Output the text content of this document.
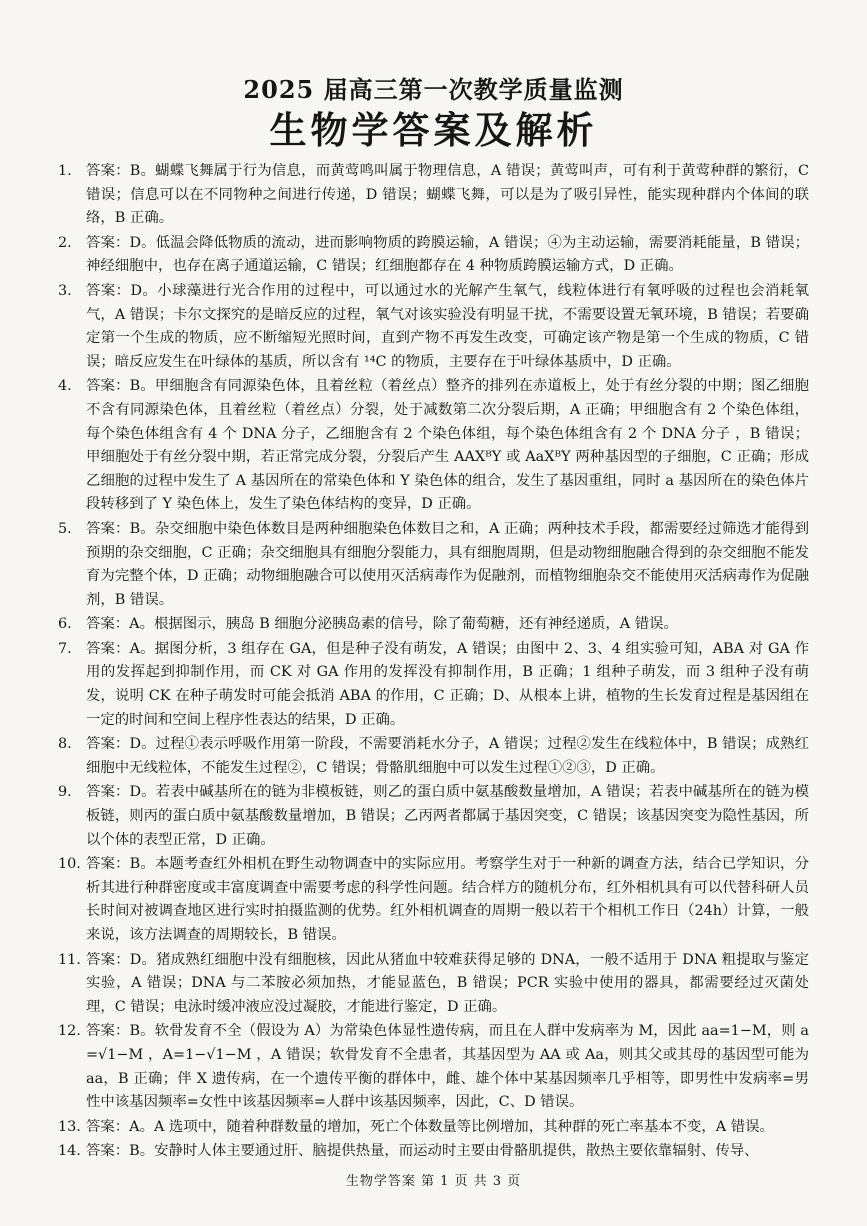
2025 届高三第一次教学质量监测
生物学答案及解析
1. 答案：B。蝴蝶飞舞属于行为信息，而黄莺鸣叫属于物理信息，A 错误；黄莺叫声，可有利于黄莺种群的繁衍，C 错误；信息可以在不同物种之间进行传递，D 错误；蝴蝶飞舞，可以是为了吸引异性，能实现种群内个体间的联络，B 正确。
2. 答案：D。低温会降低物质的流动，进而影响物质的跨膜运输，A 错误；④为主动运输，需要消耗能量，B 错误；神经细胞中，也存在离子通道运输，C 错误；红细胞都存在 4 种物质跨膜运输方式，D 正确。
3. 答案：D。小球藻进行光合作用的过程中，可以通过水的光解产生氧气，线粒体进行有氧呼吸的过程也会消耗氧气，A 错误；卡尔文探究的是暗反应的过程，氧气对该实验没有明显干扰，不需要设置无氧环境，B 错误；若要确定第一个生成的物质，应不断缩短光照时间，直到产物不再发生改变，可确定该产物是第一个生成的物质，C 错误；暗反应发生在叶绿体的基质，所以含有 ¹⁴C 的物质，主要存在于叶绿体基质中，D 正确。
4. 答案：B。甲细胞含有同源染色体，且着丝粒（着丝点）整齐的排列在赤道板上，处于有丝分裂的中期；图乙细胞不含有同源染色体，且着丝粒（着丝点）分裂，处于减数第二次分裂后期，A 正确；甲细胞含有 2 个染色体组，每个染色体组含有 4 个 DNA 分子，乙细胞含有 2 个染色体组，每个染色体组含有 2 个 DNA 分子 ，B 错误；甲细胞处于有丝分裂中期，若正常完成分裂，分裂后产生 AAXᴮY 或 AaXᴮY 两种基因型的子细胞，C 正确；形成乙细胞的过程中发生了 A 基因所在的常染色体和 Y 染色体的组合，发生了基因重组，同时 a 基因所在的染色体片段转移到了 Y 染色体上，发生了染色体结构的变异，D 正确。
5. 答案：B。杂交细胞中染色体数目是两种细胞染色体数目之和，A 正确；两种技术手段，都需要经过筛选才能得到预期的杂交细胞，C 正确；杂交细胞具有细胞分裂能力，具有细胞周期，但是动物细胞融合得到的杂交细胞不能发育为完整个体，D 正确；动物细胞融合可以使用灭活病毒作为促融剂，而植物细胞杂交不能使用灭活病毒作为促融剂，B 错误。
6. 答案：A。根据图示，胰岛 B 细胞分泌胰岛素的信号，除了葡萄糖，还有神经递质，A 错误。
7. 答案：A。据图分析，3 组存在 GA，但是种子没有萌发，A 错误；由图中 2、3、4 组实验可知，ABA 对 GA 作用的发挥起到抑制作用，而 CK 对 GA 作用的发挥没有抑制作用，B 正确；1 组种子萌发，而 3 组种子没有萌发，说明 CK 在种子萌发时可能会抵消 ABA 的作用，C 正确；D、从根本上讲，植物的生长发育过程是基因组在一定的时间和空间上程序性表达的结果，D 正确。
8. 答案：D。过程①表示呼吸作用第一阶段，不需要消耗水分子，A 错误；过程②发生在线粒体中，B 错误；成熟红细胞中无线粒体，不能发生过程②，C 错误；骨骼肌细胞中可以发生过程①②③，D 正确。
9. 答案：D。若表中碱基所在的链为非模板链，则乙的蛋白质中氨基酸数量增加，A 错误；若表中碱基所在的链为模板链，则丙的蛋白质中氨基酸数量增加，B 错误；乙丙两者都属于基因突变，C 错误；该基因突变为隐性基因，所以个体的表型正常，D 正确。
10. 答案：B。本题考查红外相机在野生动物调查中的实际应用。考察学生对于一种新的调查方法，结合已学知识，分析其进行种群密度或丰富度调查中需要考虑的科学性问题。结合样方的随机分布，红外相机具有可以代替科研人员长时间对被调查地区进行实时拍摄监测的优势。红外相机调查的周期一般以若干个相机工作日（24h）计算，一般来说，该方法调查的周期较长，B 错误。
11. 答案：D。猪成熟红细胞中没有细胞核，因此从猪血中较难获得足够的 DNA，一般不适用于 DNA 粗提取与鉴定实验，A 错误；DNA 与二苯胺必须加热，才能显蓝色，B 错误；PCR 实验中使用的器具，都需要经过灭菌处理，C 错误；电泳时缓冲液应没过凝胶，才能进行鉴定，D 正确。
12. 答案：B。软骨发育不全（假设为 A）为常染色体显性遗传病，而且在人群中发病率为 M，因此 aa=1−M，则 a=√1−M ，A=1−√1−M ，A 错误；软骨发育不全患者，其基因型为 AA 或 Aa，则其父或其母的基因型可能为 aa，B 正确；伴 X 遗传病，在一个遗传平衡的群体中，雌、雄个体中某基因频率几乎相等，即男性中发病率=男性中该基因频率=女性中该基因频率=人群中该基因频率，因此，C、D 错误。
13. 答案：A。A 选项中，随着种群数量的增加，死亡个体数量等比例增加，其种群的死亡率基本不变，A 错误。
14. 答案：B。安静时人体主要通过肝、脑提供热量，而运动时主要由骨骼肌提供，散热主要依靠辐射、传导、
生物学答案 第 1 页 共 3 页
